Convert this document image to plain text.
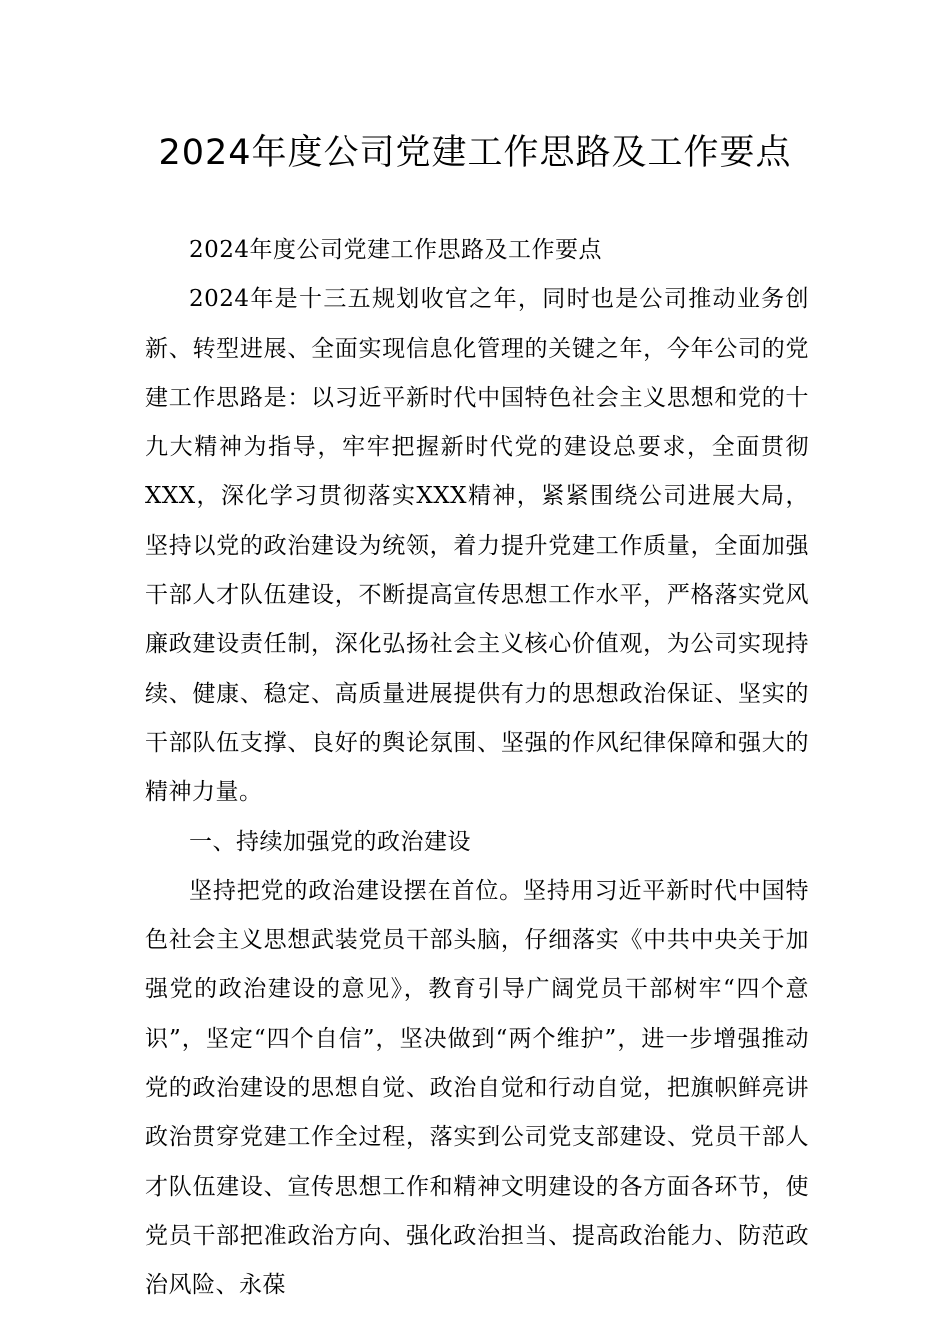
2024年度公司党建工作思路及工作要点

2024年度公司党建工作思路及工作要点

2024年是十三五规划收官之年，同时也是公司推动业务创新、转型进展、全面实现信息化管理的关键之年，今年公司的党建工作思路是：以习近平新时代中国特色社会主义思想和党的十九大精神为指导，牢牢把握新时代党的建设总要求，全面贯彻XXX，深化学习贯彻落实XXX精神，紧紧围绕公司进展大局，坚持以党的政治建设为统领，着力提升党建工作质量，全面加强干部人才队伍建设，不断提高宣传思想工作水平，严格落实党风廉政建设责任制，深化弘扬社会主义核心价值观，为公司实现持续、健康、稳定、高质量进展提供有力的思想政治保证、坚实的干部队伍支撑、良好的舆论氛围、坚强的作风纪律保障和强大的精神力量。

一、持续加强党的政治建设

坚持把党的政治建设摆在首位。坚持用习近平新时代中国特色社会主义思想武装党员干部头脑，仔细落实《中共中央关于加强党的政治建设的意见》，教育引导广阔党员干部树牢“四个意识”，坚定“四个自信”，坚决做到“两个维护”，进一步增强推动党的政治建设的思想自觉、政治自觉和行动自觉，把旗帜鲜亮讲政治贯穿党建工作全过程，落实到公司党支部建设、党员干部人才队伍建设、宣传思想工作和精神文明建设的各方面各环节，使党员干部把准政治方向、强化政治担当、提高政治能力、防范政治风险、永葆
